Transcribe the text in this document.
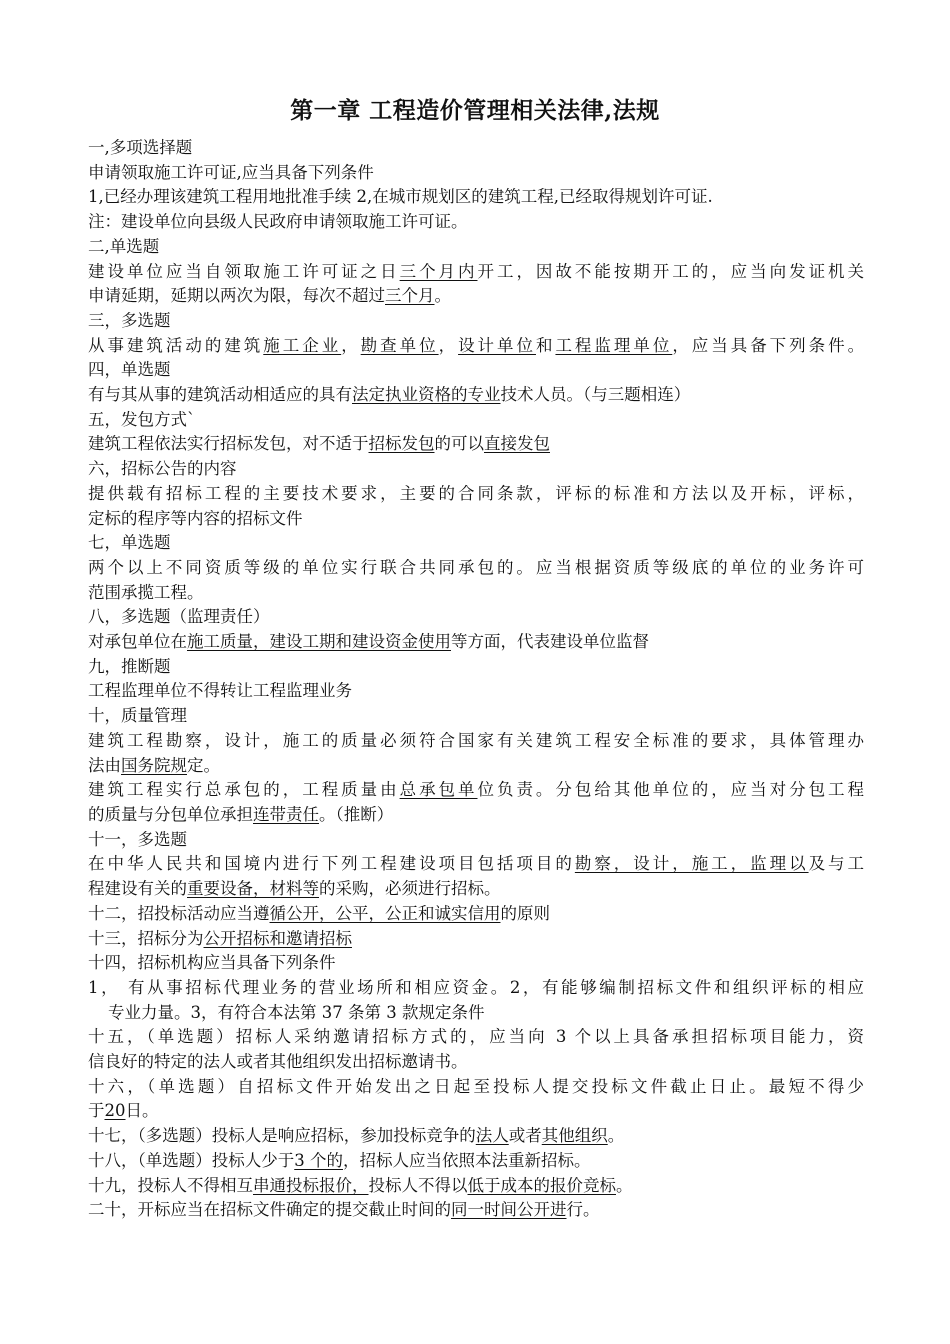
第一章 工程造价管理相关法律,法规
一,多项选择题
申请领取施工许可证,应当具备下列条件
1,已经办理该建筑工程用地批准手续 2,在城市规划区的建筑工程,已经取得规划许可证.
注：建设单位向县级人民政府申请领取施工许可证。
二,单选题
建设单位应当自领取施工许可证之日三个月内开工，因故不能按期开工的，应当向发证机关
申请延期，延期以两次为限，每次不超过三个月。
三，多选题
从事建筑活动的建筑施工企业，勘查单位，设计单位和工程监理单位，应当具备下列条件。
四，单选题
有与其从事的建筑活动相适应的具有法定执业资格的专业技术人员。（与三题相连）
五，发包方式`
建筑工程依法实行招标发包，对不适于招标发包的可以直接发包
六，招标公告的内容
提供载有招标工程的主要技术要求，主要的合同条款，评标的标准和方法以及开标，评标，
定标的程序等内容的招标文件
七，单选题
两个以上不同资质等级的单位实行联合共同承包的。应当根据资质等级底的单位的业务许可
范围承揽工程。
八，多选题（监理责任）
对承包单位在施工质量，建设工期和建设资金使用等方面，代表建设单位监督
九，推断题
工程监理单位不得转让工程监理业务
十，质量管理
建筑工程勘察，设计，施工的质量必须符合国家有关建筑工程安全标准的要求，具体管理办
法由国务院规定。
建筑工程实行总承包的，工程质量由总承包单位负责。分包给其他单位的，应当对分包工程
的质量与分包单位承担连带责任。（推断）
十一，多选题
在中华人民共和国境内进行下列工程建设项目包括项目的勘察，设计，施工，监理以及与工
程建设有关的重要设备，材料等的采购，必须进行招标。
十二，招投标活动应当遵循公开，公平，公正和诚实信用的原则
十三，招标分为公开招标和邀请招标
十四，招标机构应当具备下列条件
1， 有从事招标代理业务的营业场所和相应资金。2，有能够编制招标文件和组织评标的相应
专业力量。3，有符合本法第 37 条第 3 款规定条件
十五，（单选题）招标人采纳邀请招标方式的，应当向 3 个以上具备承担招标项目能力，资
信良好的特定的法人或者其他组织发出招标邀请书。
十六，（单选题）自招标文件开始发出之日起至投标人提交投标文件截止日止。最短不得少
于20日。
十七，（多选题）投标人是响应招标，参加投标竞争的法人或者其他组织。
十八，（单选题）投标人少于3 个的，招标人应当依照本法重新招标。
十九，投标人不得相互串通投标报价，投标人不得以低于成本的报价竞标。
二十，开标应当在招标文件确定的提交截止时间的同一时间公开进行。
